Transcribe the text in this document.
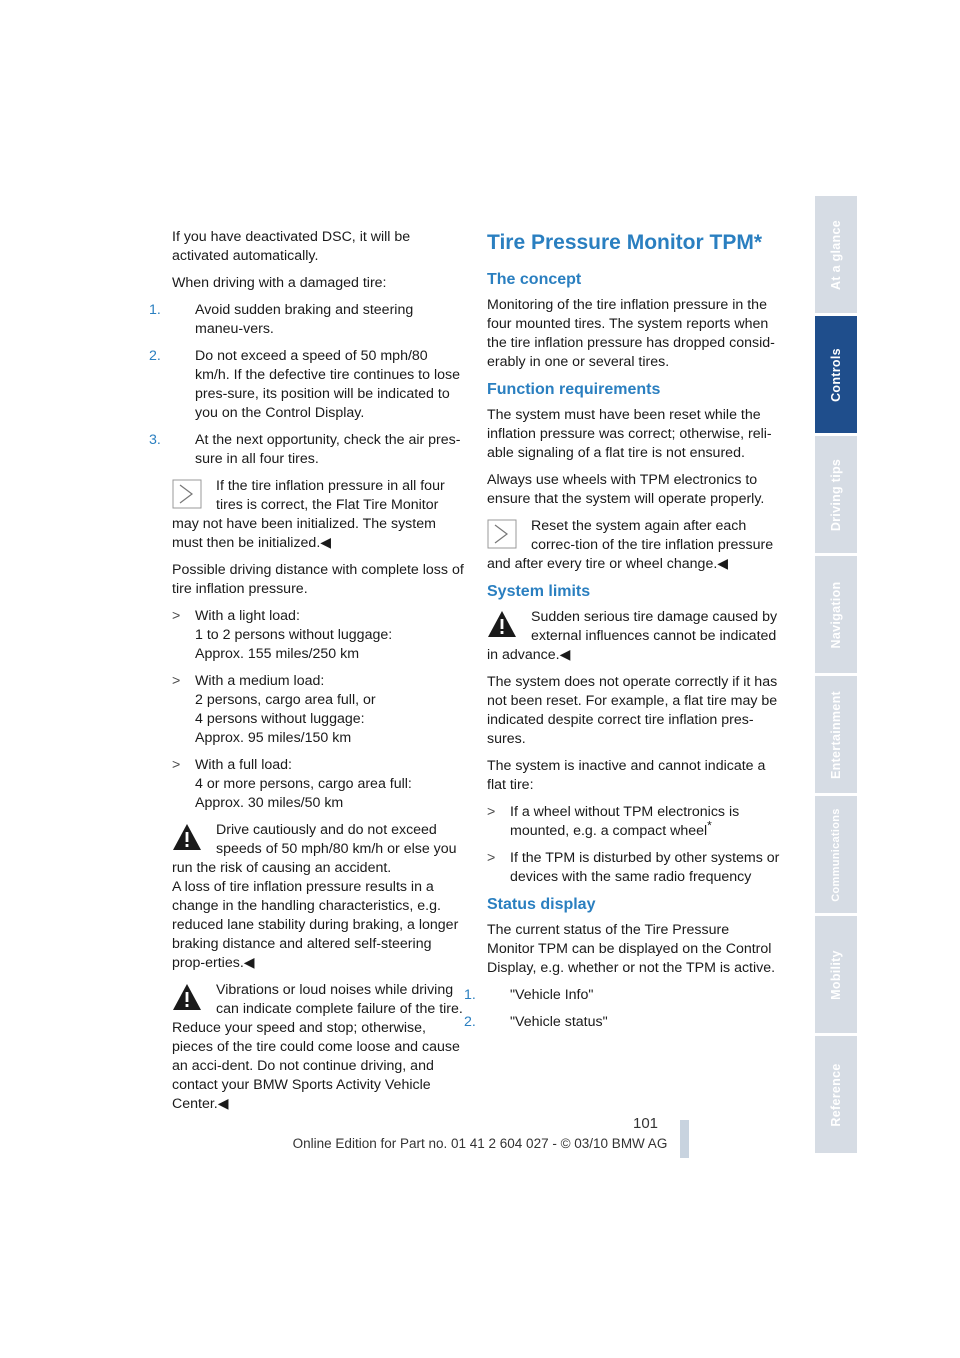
If you have deactivated DSC, it will be activated automatically.

When driving with a damaged tire:

1. Avoid sudden braking and steering maneu-vers.
2. Do not exceed a speed of 50 mph/80 km/h. If the defective tire continues to lose pres-sure, its position will be indicated to you on the Control Display.
3. At the next opportunity, check the air pres-sure in all four tires.
If the tire inflation pressure in all four tires is correct, the Flat Tire Monitor may not have been initialized. The system must then be initialized.◀

Possible driving distance with complete loss of tire inflation pressure.

> With a light load:
1 to 2 persons without luggage:
Approx. 155 miles/250 km
> With a medium load:
2 persons, cargo area full, or
4 persons without luggage:
Approx. 95 miles/150 km
> With a full load:
4 or more persons, cargo area full:
Approx. 30 miles/50 km
Drive cautiously and do not exceed speeds of 50 mph/80 km/h or else you run the risk of causing an accident.
A loss of tire inflation pressure results in a change in the handling characteristics, e.g. reduced lane stability during braking, a longer braking distance and altered self-steering prop-erties.◀
Vibrations or loud noises while driving can indicate complete failure of the tire. Reduce your speed and stop; otherwise, pieces of the tire could come loose and cause an acci-dent. Do not continue driving, and contact your BMW Sports Activity Vehicle Center.◀
Tire Pressure Monitor TPM*
The concept

Monitoring of the tire inflation pressure in the four mounted tires. The system reports when the tire inflation pressure has dropped consid-erably in one or several tires.

Function requirements

The system must have been reset while the inflation pressure was correct; otherwise, reli-able signaling of a flat tire is not ensured.

Always use wheels with TPM electronics to ensure that the system will operate properly.

Reset the system again after each correc-tion of the tire inflation pressure and after every tire or wheel change.◀
System limits
Sudden serious tire damage caused by external influences cannot be indicated in advance.◀

The system does not operate correctly if it has not been reset. For example, a flat tire may be indicated despite correct tire inflation pres-sures.

The system is inactive and cannot indicate a flat tire:

> If a wheel without TPM electronics is mounted, e.g. a compact wheel*
> If the TPM is disturbed by other systems or devices with the same radio frequency
Status display

The current status of the Tire Pressure Monitor TPM can be displayed on the Control Display, e.g. whether or not the TPM is active.

1. "Vehicle Info"
2. "Vehicle status"
At a glance
Controls
Driving tips
Navigation
Entertainment
Communications
Mobility
Reference
101
Online Edition for Part no. 01 41 2 604 027 - © 03/10 BMW AG
